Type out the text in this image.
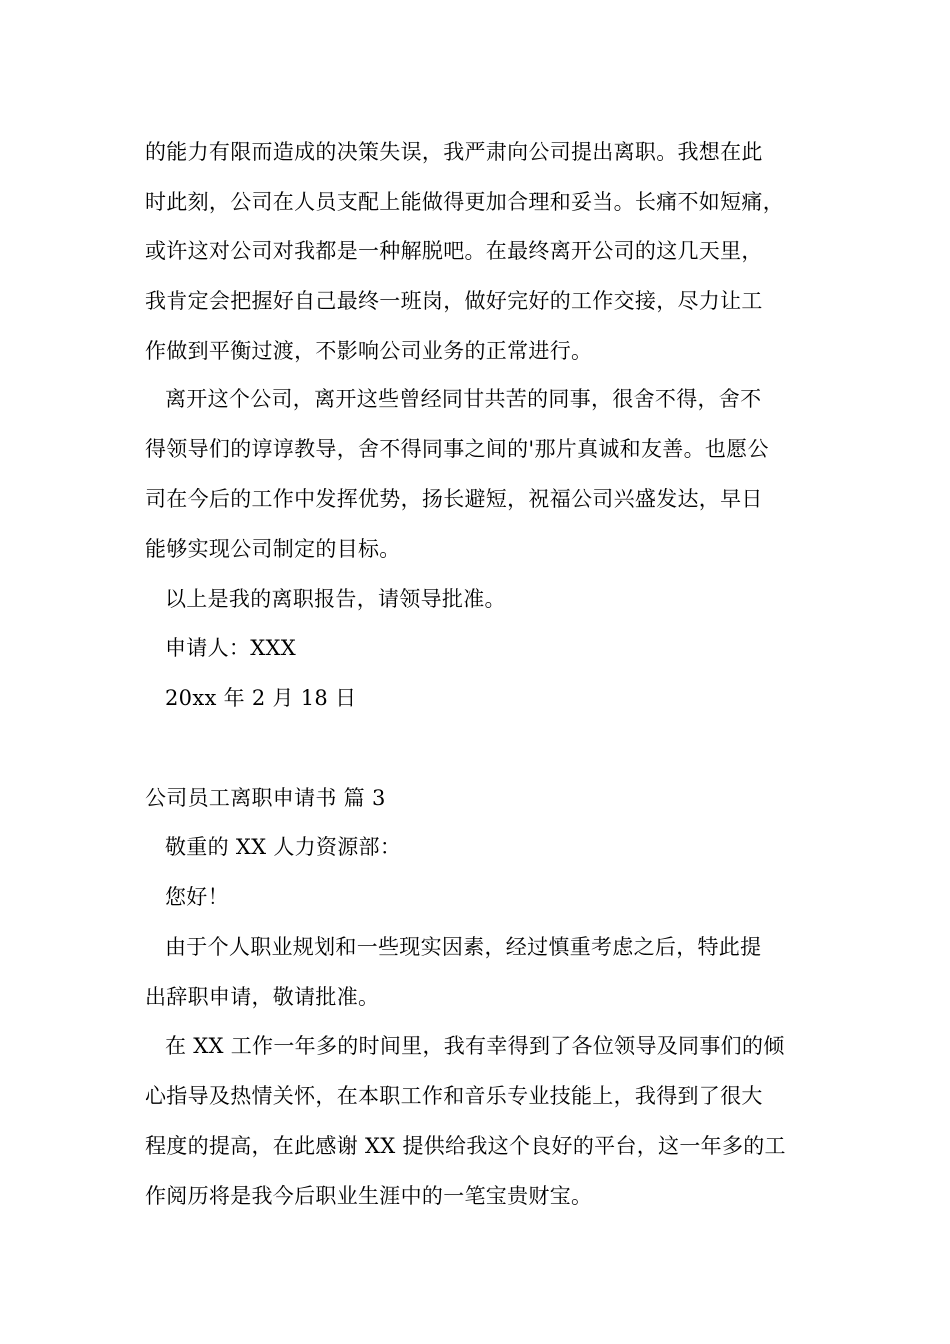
的能力有限而造成的决策失误，我严肃向公司提出离职。我想在此
时此刻，公司在人员支配上能做得更加合理和妥当。长痛不如短痛，
或许这对公司对我都是一种解脱吧。在最终离开公司的这几天里，
我肯定会把握好自己最终一班岗，做好完好的工作交接，尽力让工
作做到平衡过渡，不影响公司业务的正常进行。
离开这个公司，离开这些曾经同甘共苦的同事，很舍不得，舍不
得领导们的谆谆教导，舍不得同事之间的'那片真诚和友善。也愿公
司在今后的工作中发挥优势，扬长避短，祝福公司兴盛发达，早日
能够实现公司制定的目标。
以上是我的离职报告，请领导批准。
申请人：XXX
20xx 年 2 月 18 日
公司员工离职申请书 篇 3
敬重的 XX 人力资源部：
您好！
由于个人职业规划和一些现实因素，经过慎重考虑之后，特此提
出辞职申请，敬请批准。
在 XX 工作一年多的时间里，我有幸得到了各位领导及同事们的倾
心指导及热情关怀，在本职工作和音乐专业技能上，我得到了很大
程度的提高，在此感谢 XX 提供给我这个良好的平台，这一年多的工
作阅历将是我今后职业生涯中的一笔宝贵财宝。
